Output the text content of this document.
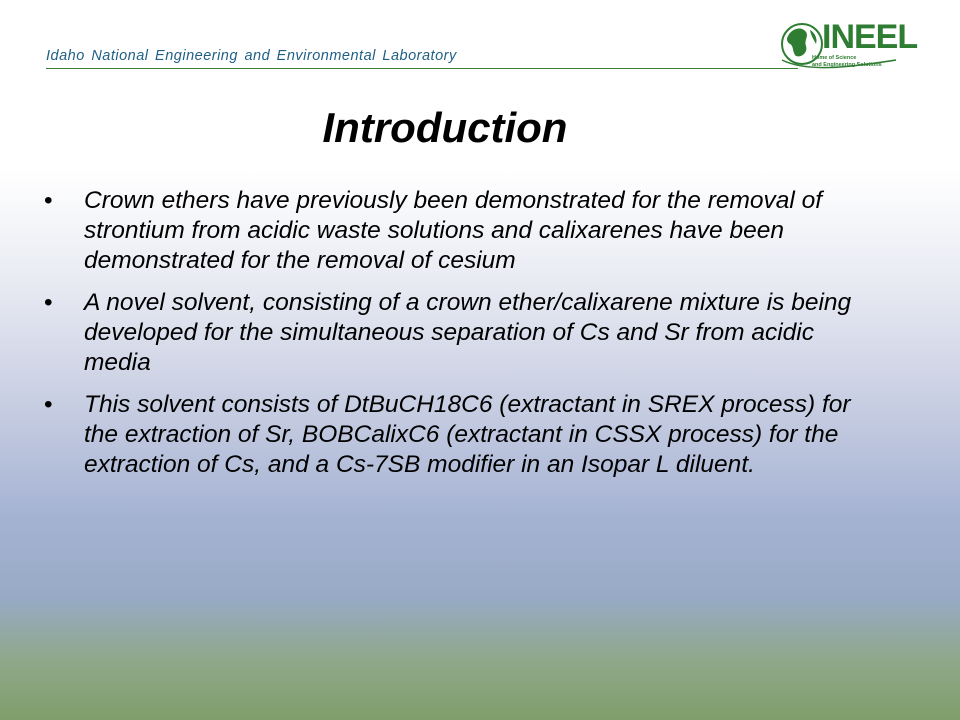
Idaho National Engineering and Environmental Laboratory	INEEL
Home of Science
and Engineering Solutions
Introduction
• Crown ethers have previously been demonstrated for the removal of strontium from acidic waste solutions and calixarenes have been demonstrated for the removal of cesium
• A novel solvent, consisting of a crown ether/calixarene mixture is being developed for the simultaneous separation of Cs and Sr from acidic media
• This solvent consists of DtBuCH18C6 (extractant in SREX process) for the extraction of Sr, BOBCalixC6 (extractant in CSSX process) for the extraction of Cs, and a Cs-7SB modifier in an Isopar L diluent.
